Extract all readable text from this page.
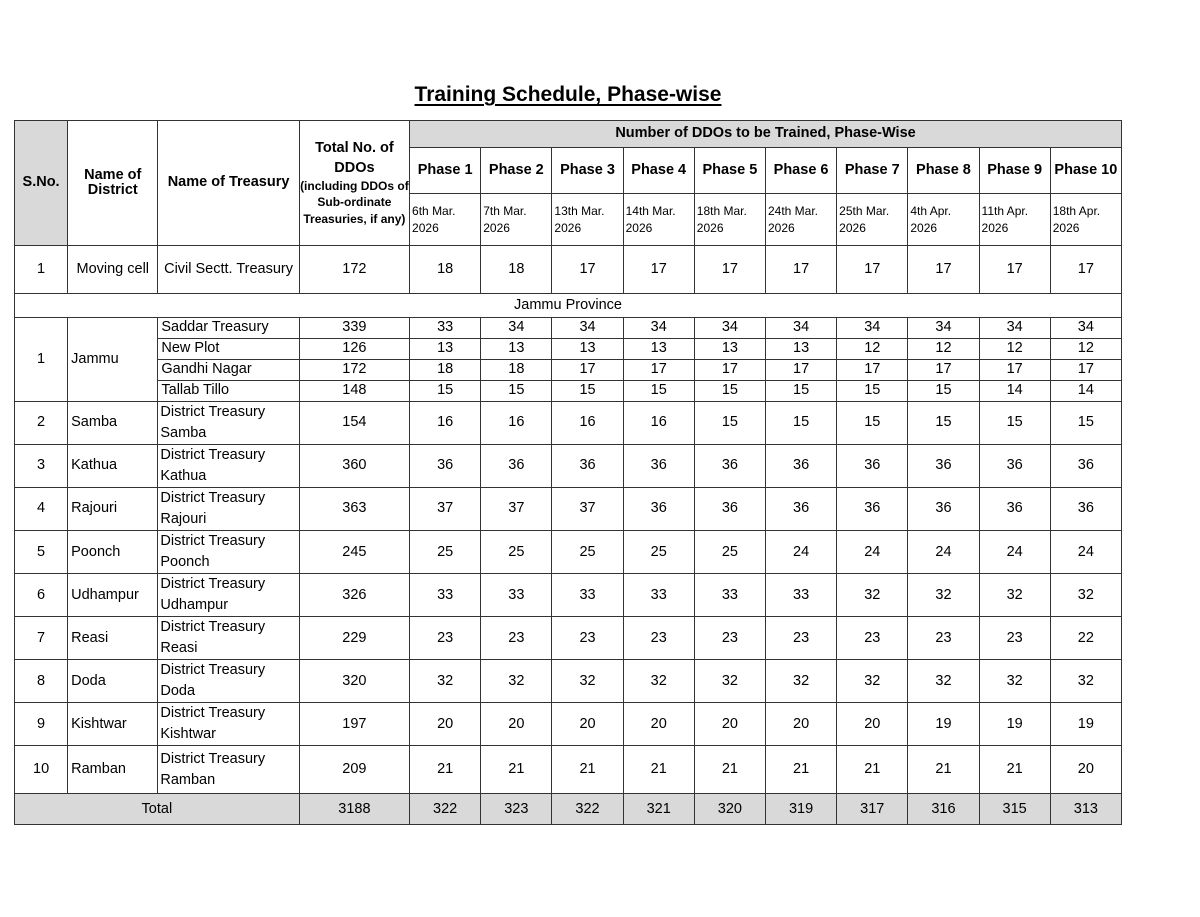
Training Schedule, Phase-wise
S.No.	Name of District	Name of Treasury	Total No. of DDOs
(including DDOs of Sub-ordinate Treasuries, if any)	Number of DDOs to be Trained, Phase-Wise									
				Phase 1	Phase 2	Phase 3	Phase 4	Phase 5	Phase 6	Phase 7	Phase 8	Phase 9	Phase 10
				6th Mar. 2026	7th Mar. 2026	13th Mar. 2026	14th Mar. 2026	18th Mar. 2026	24th Mar. 2026	25th Mar. 2026	4th Apr. 2026	11th Apr. 2026	18th Apr. 2026
1	Moving cell	Civil Sectt. Treasury	172	18	18	17	17	17	17	17	17	17	17
Jammu Province													
1	Jammu	Saddar Treasury	339	33	34	34	34	34	34	34	34	34	34
		New Plot	126	13	13	13	13	13	13	12	12	12	12
		Gandhi Nagar	172	18	18	17	17	17	17	17	17	17	17
		Tallab Tillo	148	15	15	15	15	15	15	15	15	14	14
2	Samba	District Treasury
Samba	154	16	16	16	16	15	15	15	15	15	15
3	Kathua	District Treasury
Kathua	360	36	36	36	36	36	36	36	36	36	36
4	Rajouri	District Treasury
Rajouri	363	37	37	37	36	36	36	36	36	36	36
5	Poonch	District Treasury
Poonch	245	25	25	25	25	25	24	24	24	24	24
6	Udhampur	District Treasury
Udhampur	326	33	33	33	33	33	33	32	32	32	32
7	Reasi	District Treasury
Reasi	229	23	23	23	23	23	23	23	23	23	22
8	Doda	District Treasury
Doda	320	32	32	32	32	32	32	32	32	32	32
9	Kishtwar	District Treasury
Kishtwar	197	20	20	20	20	20	20	20	19	19	19
10	Ramban	District Treasury
Ramban	209	21	21	21	21	21	21	21	21	21	20
Total			3188	322	323	322	321	320	319	317	316	315	313
